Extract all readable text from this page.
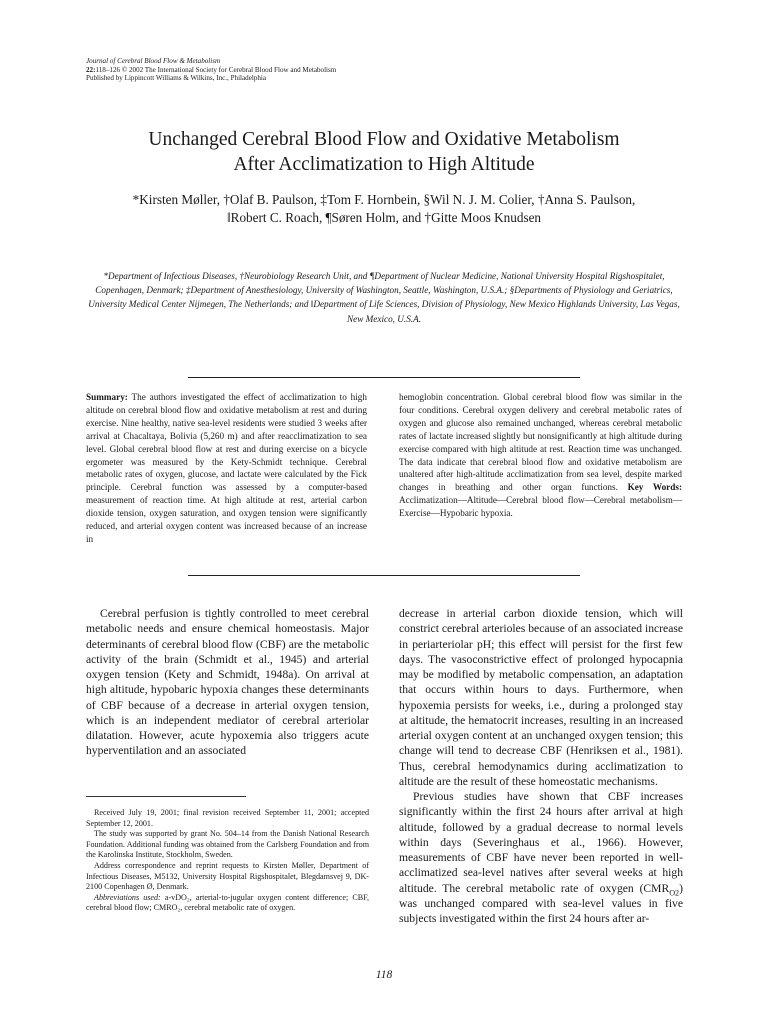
Journal of Cerebral Blood Flow & Metabolism
22:118–126 © 2002 The International Society for Cerebral Blood Flow and Metabolism
Published by Lippincott Williams & Wilkins, Inc., Philadelphia
Unchanged Cerebral Blood Flow and Oxidative Metabolism
After Acclimatization to High Altitude
*Kirsten Møller, †Olaf B. Paulson, ‡Tom F. Hornbein, §Wil N. J. M. Colier, †Anna S. Paulson,
‖Robert C. Roach, ¶Søren Holm, and †Gitte Moos Knudsen
*Department of Infectious Diseases, †Neurobiology Research Unit, and ¶Department of Nuclear Medicine, National University Hospital Rigshospitalet, Copenhagen, Denmark; ‡Department of Anesthesiology, University of Washington, Seattle, Washington, U.S.A.; §Departments of Physiology and Geriatrics, University Medical Center Nijmegen, The Netherlands; and ‖Department of Life Sciences, Division of Physiology, New Mexico Highlands University, Las Vegas, New Mexico, U.S.A.
Summary: The authors investigated the effect of acclimatization to high altitude on cerebral blood flow and oxidative metabolism at rest and during exercise. Nine healthy, native sea-level residents were studied 3 weeks after arrival at Chacaltaya, Bolivia (5,260 m) and after reacclimatization to sea level. Global cerebral blood flow at rest and during exercise on a bicycle ergometer was measured by the Kety-Schmidt technique. Cerebral metabolic rates of oxygen, glucose, and lactate were calculated by the Fick principle. Cerebral function was assessed by a computer-based measurement of reaction time. At high altitude at rest, arterial carbon dioxide tension, oxygen saturation, and oxygen tension were significantly reduced, and arterial oxygen content was increased because of an increase in
hemoglobin concentration. Global cerebral blood flow was similar in the four conditions. Cerebral oxygen delivery and cerebral metabolic rates of oxygen and glucose also remained unchanged, whereas cerebral metabolic rates of lactate increased slightly but nonsignificantly at high altitude during exercise compared with high altitude at rest. Reaction time was unchanged. The data indicate that cerebral blood flow and oxidative metabolism are unaltered after high-altitude acclimatization from sea level, despite marked changes in breathing and other organ functions. Key Words: Acclimatization—Altitude—Cerebral blood flow—Cerebral metabolism—Exercise—Hypobaric hypoxia.

Cerebral perfusion is tightly controlled to meet cerebral metabolic needs and ensure chemical homeostasis. Major determinants of cerebral blood flow (CBF) are the metabolic activity of the brain (Schmidt et al., 1945) and arterial oxygen tension (Kety and Schmidt, 1948a). On arrival at high altitude, hypobaric hypoxia changes these determinants of CBF because of a decrease in arterial oxygen tension, which is an independent mediator of cerebral arteriolar dilatation. However, acute hypoxemia also triggers acute hyperventilation and an associated

decrease in arterial carbon dioxide tension, which will constrict cerebral arterioles because of an associated increase in periarteriolar pH; this effect will persist for the first few days. The vasoconstrictive effect of prolonged hypocapnia may be modified by metabolic compensation, an adaptation that occurs within hours to days. Furthermore, when hypoxemia persists for weeks, i.e., during a prolonged stay at altitude, the hematocrit increases, resulting in an increased arterial oxygen content at an unchanged oxygen tension; this change will tend to decrease CBF (Henriksen et al., 1981). Thus, cerebral hemodynamics during acclimatization to altitude are the result of these homeostatic mechanisms.

Previous studies have shown that CBF increases significantly within the first 24 hours after arrival at high altitude, followed by a gradual decrease to normal levels within days (Severinghaus et al., 1966). However, measurements of CBF have never been reported in well-acclimatized sea-level natives after several weeks at high altitude. The cerebral metabolic rate of oxygen $(CMR_{O2})$ was unchanged compared with sea-level values in five subjects investigated within the first 24 hours after ar-

Received July 19, 2001; final revision received September 11, 2001; accepted September 12, 2001.

The study was supported by grant No. 504–14 from the Danish National Research Foundation. Additional funding was obtained from the Carlsberg Foundation and from the Karolinska Institute, Stockholm, Sweden.

Address correspondence and reprint requests to Kirsten Møller, Department of Infectious Diseases, M5132, University Hospital Rigshospitalet, Blegdamsvej 9, DK-2100 Copenhagen Ø, Denmark.

Abbreviations used: a-vDO₂, arterial-to-jugular oxygen content difference; CBF, cerebral blood flow; CMRO₂, cerebral metabolic rate of oxygen.

118
